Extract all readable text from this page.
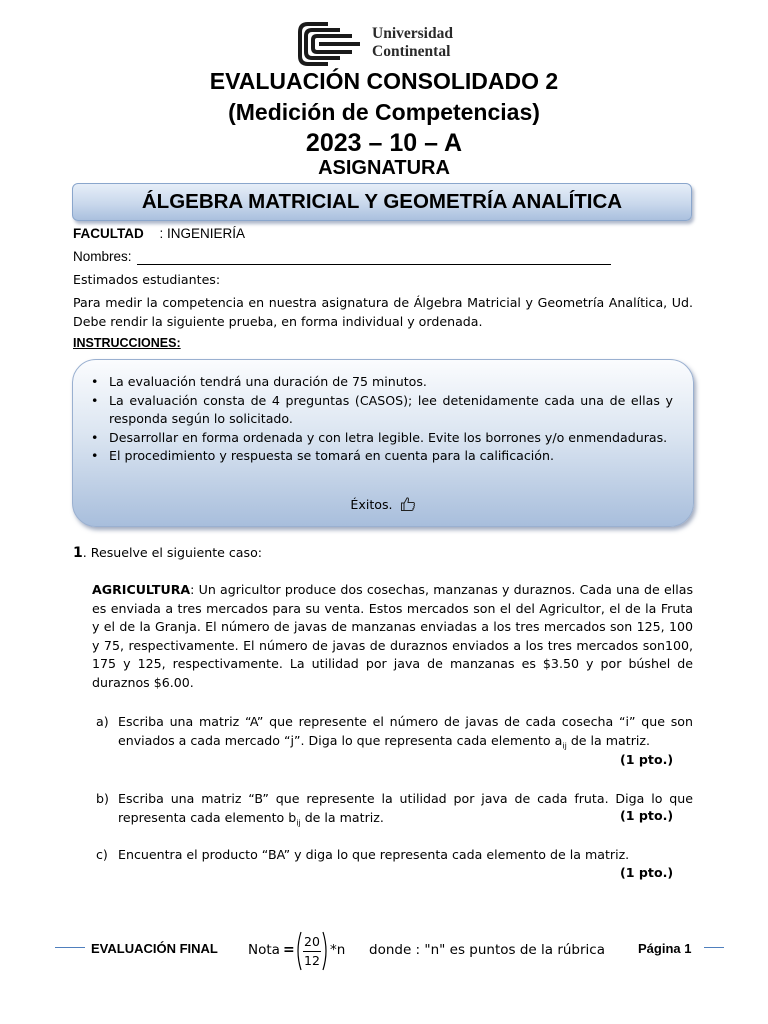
Universidad
Continental
EVALUACIÓN CONSOLIDADO 2
(Medición de Competencias)
2023 – 10 – A
ASIGNATURA
ÁLGEBRA MATRICIAL Y GEOMETRÍA ANALÍTICA
FACULTAD : INGENIERÍA
Nombres:
Estimados estudiantes:
Para medir la competencia en nuestra asignatura de Álgebra Matricial y Geometría Analítica, Ud. Debe rendir la siguiente prueba, en forma individual y ordenada.
INSTRUCCIONES:
• La evaluación tendrá una duración de 75 minutos.
• La evaluación consta de 4 preguntas (CASOS); lee detenidamente cada una de ellas y responda según lo solicitado.
• Desarrollar en forma ordenada y con letra legible. Evite los borrones y/o enmendaduras.
• El procedimiento y respuesta se tomará en cuenta para la calificación.
Éxitos.
1. Resuelve el siguiente caso:
AGRICULTURA: Un agricultor produce dos cosechas, manzanas y duraznos. Cada una de ellas es enviada a tres mercados para su venta. Estos mercados son el del Agricultor, el de la Fruta y el de la Granja. El número de javas de manzanas enviadas a los tres mercados son 125, 100 y 75, respectivamente. El número de javas de duraznos enviados a los tres mercados son100, 175 y 125, respectivamente. La utilidad por java de manzanas es $3.50 y por búshel de duraznos $6.00.
a) Escriba una matriz “A” que represente el número de javas de cada cosecha “i” que son enviados a cada mercado “j”. Diga lo que representa cada elemento $a_{ij}$ de la matriz.
(1 pto.)
b) Escriba una matriz “B” que represente la utilidad por java de cada fruta. Diga lo que representa cada elemento $b_{ij}$ de la matriz.	(1 pto.)
c) Encuentra el producto “BA” y diga lo que representa cada elemento de la matriz.
(1 pto.)
EVALUACIÓN FINAL Nota =
20
12
*n donde : "n" es puntos de la rúbrica	Página 1
